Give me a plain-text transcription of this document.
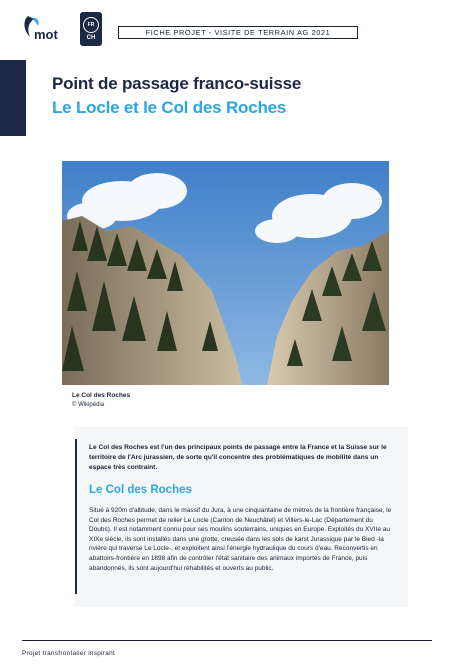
mot
FR
CH
FICHE PROJET - VISITE DE TERRAIN AG 2021
Point de passage franco-suisse
Le Locle et le Col des Roches
Le Col des Roches
© Wikipédia
Le Col des Roches est l'un des principaux points de passage entre la France et la Suisse sur le territoire de l'Arc jurassien, de sorte qu'il concentre des problématiques de mobilité dans un espace très contraint.
Le Col des Roches
Situé à 920m d'altitude, dans le massif du Jura, à une cinquantaine de mètres de la frontière française, le Col des Roches permet de relier Le Locle (Canton de Neuchâtel) et Villers-le-Lac (Département du Doubs). Il est notamment connu pour ses moulins souterrains, uniques en Europe. Exploités du XVIIe au XIXe siècle, ils sont installés dans une grotte, creusée dans les sols de karst Jurassique par le Bied -la rivière qui traverse Le Locle-, et exploitent ainsi l'énergie hydraulique du cours d'eau. Reconvertis en abattoirs-frontière en 1898 afin de contrôler l'état sanitaire des animaux importés de France, puis abandonnés, ils sont aujourd'hui réhabilités et ouverts au public.
Projet transfrontalier inspirant
